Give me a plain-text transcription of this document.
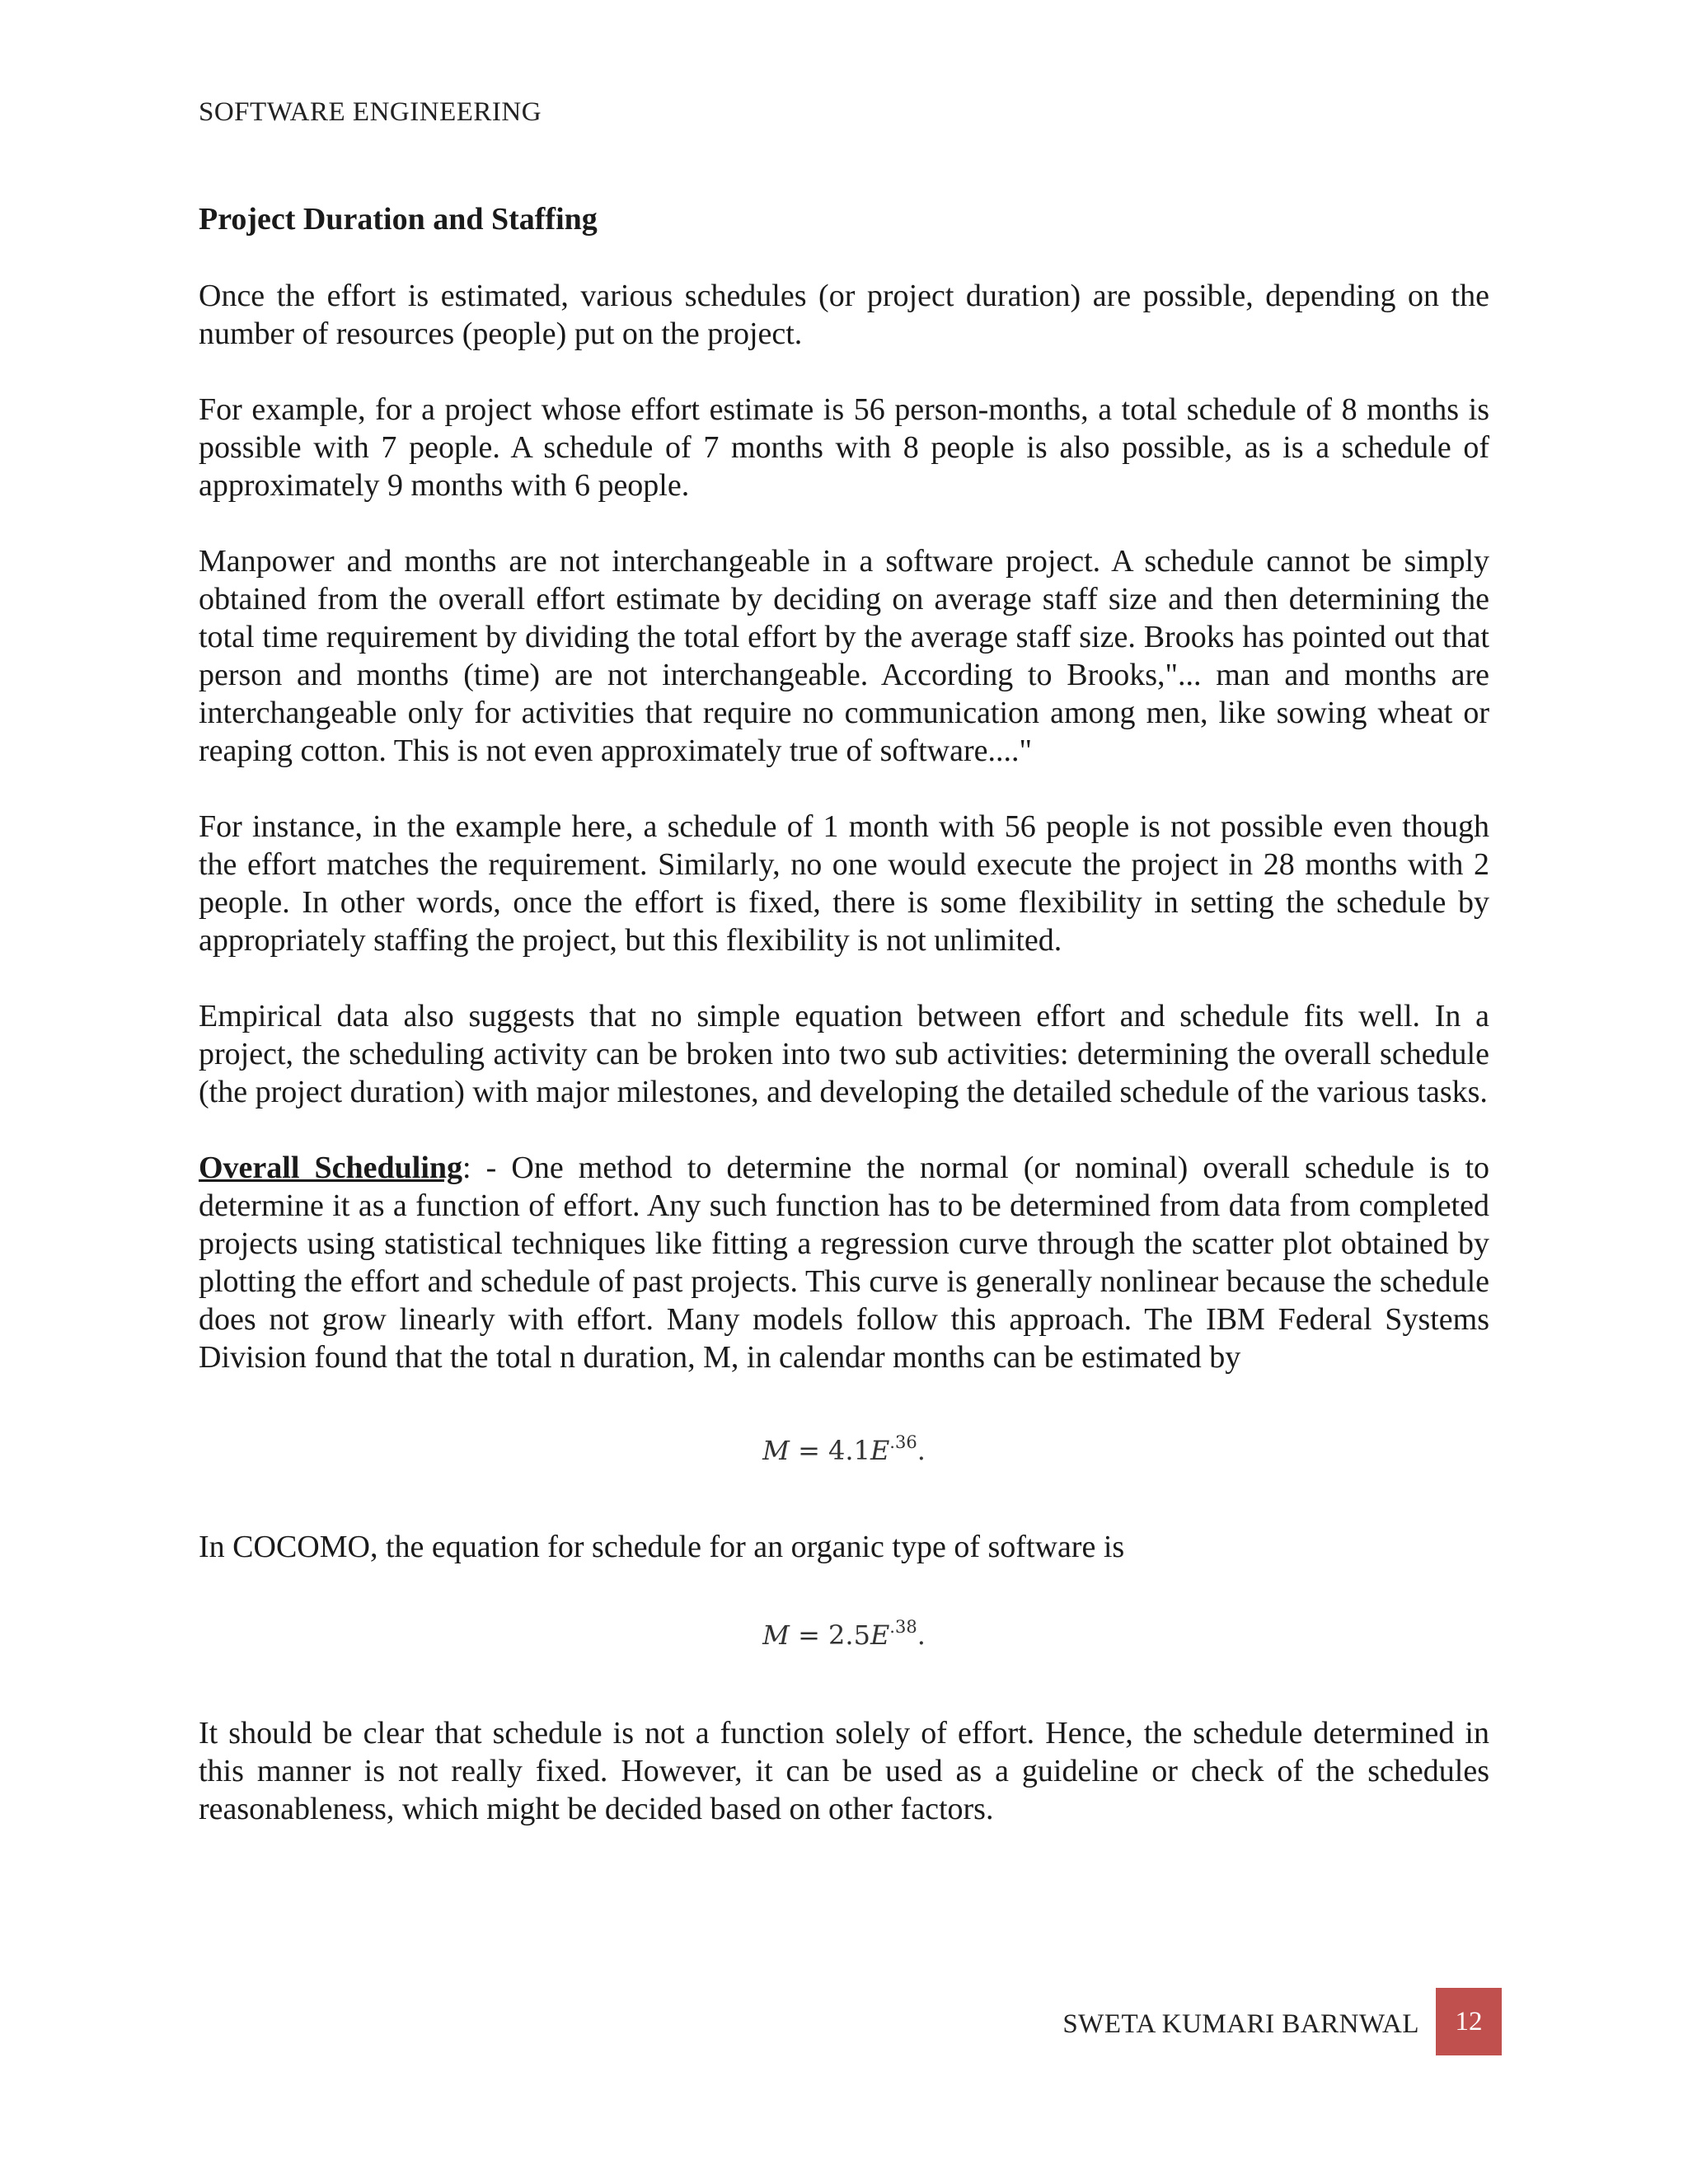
SOFTWARE ENGINEERING
Project Duration and Staffing

Once the effort is estimated, various schedules (or project duration) are possible, depending on the number of resources (people) put on the project.

For example, for a project whose effort estimate is 56 person-months, a total schedule of 8 months is possible with 7 people. A schedule of 7 months with 8 people is also possible, as is a schedule of approximately 9 months with 6 people.

Manpower and months are not interchangeable in a software project. A schedule cannot be simply obtained from the overall effort estimate by deciding on average staff size and then determining the total time requirement by dividing the total effort by the average staff size. Brooks has pointed out that person and months (time) are not interchangeable. According to Brooks,"... man and months are interchangeable only for activities that require no communication among men, like sowing wheat or reaping cotton. This is not even approximately true of software...."

For instance, in the example here, a schedule of 1 month with 56 people is not possible even though the effort matches the requirement. Similarly, no one would execute the project in 28 months with 2 people. In other words, once the effort is fixed, there is some flexibility in setting the schedule by appropriately staffing the project, but this flexibility is not unlimited.

Empirical data also suggests that no simple equation between effort and schedule fits well. In a project, the scheduling activity can be broken into two sub activities: determining the overall schedule (the project duration) with major milestones, and developing the detailed schedule of the various tasks.

Overall Scheduling: - One method to determine the normal (or nominal) overall schedule is to determine it as a function of effort. Any such function has to be determined from data from completed projects using statistical techniques like fitting a regression curve through the scatter plot obtained by plotting the effort and schedule of past projects. This curve is generally nonlinear because the schedule does not grow linearly with effort. Many models follow this approach. The IBM Federal Systems Division found that the total n duration, M, in calendar months can be estimated by

$M = 4.1E^{.36}$.

In COCOMO, the equation for schedule for an organic type of software is

$M = 2.5E^{.38}$.

It should be clear that schedule is not a function solely of effort. Hence, the schedule determined in this manner is not really fixed. However, it can be used as a guideline or check of the schedules reasonableness, which might be decided based on other factors.

SWETA KUMARI BARNWAL	12
